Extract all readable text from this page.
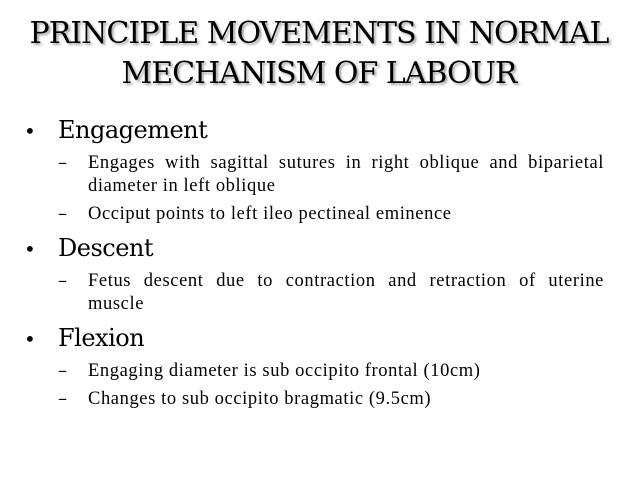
PRINCIPLE MOVEMENTS IN NORMAL
MECHANISM OF LABOUR
• Engagement
–	Engages with sagittal sutures in right oblique and biparietal diameter in left oblique
–	Occiput points to left ileo pectineal eminence
• Descent
–	Fetus descent due to contraction and retraction of uterine muscle
• Flexion
–	Engaging diameter is sub occipito frontal (10cm)
–	Changes to sub occipito bragmatic (9.5cm)
